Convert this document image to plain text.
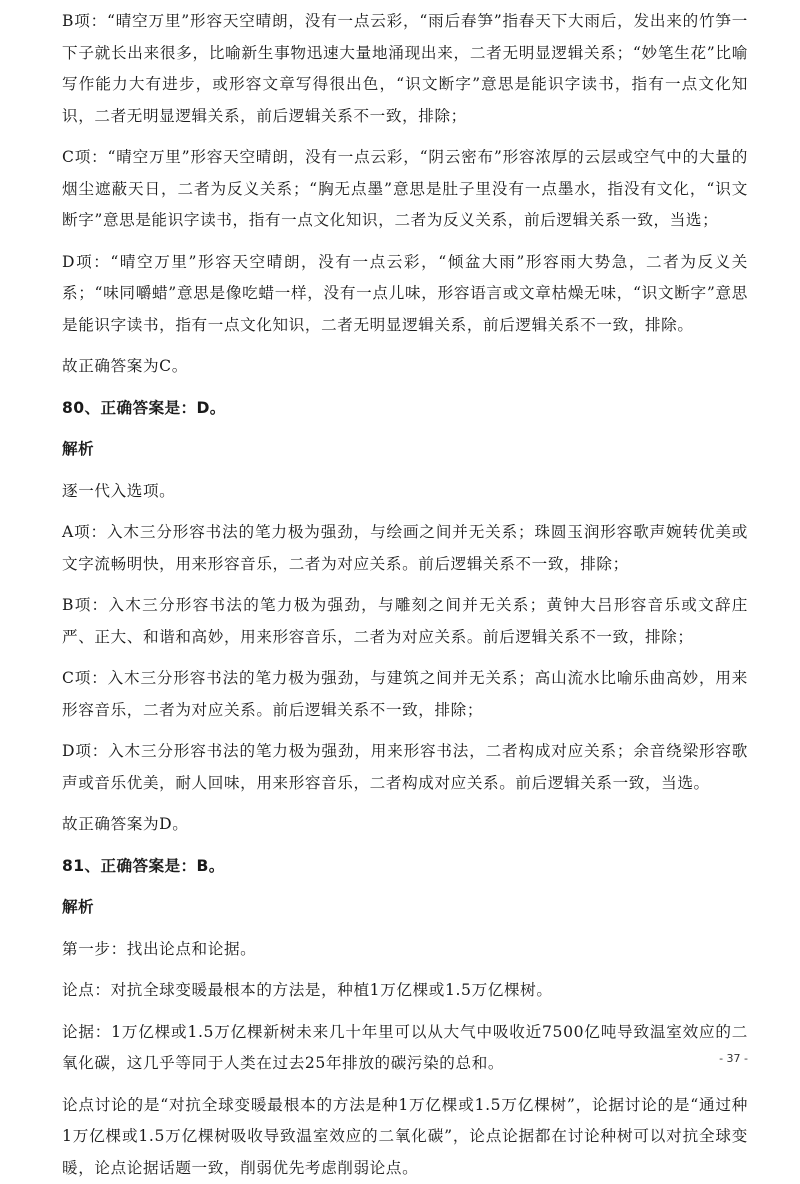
B项：“晴空万里”形容天空晴朗，没有一点云彩，“雨后春笋”指春天下大雨后，发出来的竹笋一下子就长出来很多，比喻新生事物迅速大量地涌现出来，二者无明显逻辑关系；“妙笔生花”比喻写作能力大有进步，或形容文章写得很出色，“识文断字”意思是能识字读书，指有一点文化知识，二者无明显逻辑关系，前后逻辑关系不一致，排除；
C项：“晴空万里”形容天空晴朗，没有一点云彩，“阴云密布”形容浓厚的云层或空气中的大量的烟尘遮蔽天日，二者为反义关系；“胸无点墨”意思是肚子里没有一点墨水，指没有文化，“识文断字”意思是能识字读书，指有一点文化知识，二者为反义关系，前后逻辑关系一致，当选；
D项：“晴空万里”形容天空晴朗，没有一点云彩，“倾盆大雨”形容雨大势急，二者为反义关系；“味同嚼蜡”意思是像吃蜡一样，没有一点儿味，形容语言或文章枯燥无味，“识文断字”意思是能识字读书，指有一点文化知识，二者无明显逻辑关系，前后逻辑关系不一致，排除。
故正确答案为C。
80、正确答案是：D。
解析
逐一代入选项。
A项：入木三分形容书法的笔力极为强劲，与绘画之间并无关系；珠圆玉润形容歌声婉转优美或文字流畅明快，用来形容音乐，二者为对应关系。前后逻辑关系不一致，排除；
B项：入木三分形容书法的笔力极为强劲，与雕刻之间并无关系；黄钟大吕形容音乐或文辞庄严、正大、和谐和高妙，用来形容音乐，二者为对应关系。前后逻辑关系不一致，排除；
C项：入木三分形容书法的笔力极为强劲，与建筑之间并无关系；高山流水比喻乐曲高妙，用来形容音乐，二者为对应关系。前后逻辑关系不一致，排除；
D项：入木三分形容书法的笔力极为强劲，用来形容书法，二者构成对应关系；余音绕梁形容歌声或音乐优美，耐人回味，用来形容音乐，二者构成对应关系。前后逻辑关系一致，当选。
故正确答案为D。
81、正确答案是：B。
解析
第一步：找出论点和论据。
论点：对抗全球变暖最根本的方法是，种植1万亿棵或1.5万亿棵树。
论据：1万亿棵或1.5万亿棵新树未来几十年里可以从大气中吸收近7500亿吨导致温室效应的二氧化碳，这几乎等同于人类在过去25年排放的碳污染的总和。
论点讨论的是“对抗全球变暖最根本的方法是种1万亿棵或1.5万亿棵树”，论据讨论的是“通过种1万亿棵或1.5万亿棵树吸收导致温室效应的二氧化碳”，论点论据都在讨论种树可以对抗全球变暖，论点论据话题一致，削弱优先考虑削弱论点。
- 37 -
